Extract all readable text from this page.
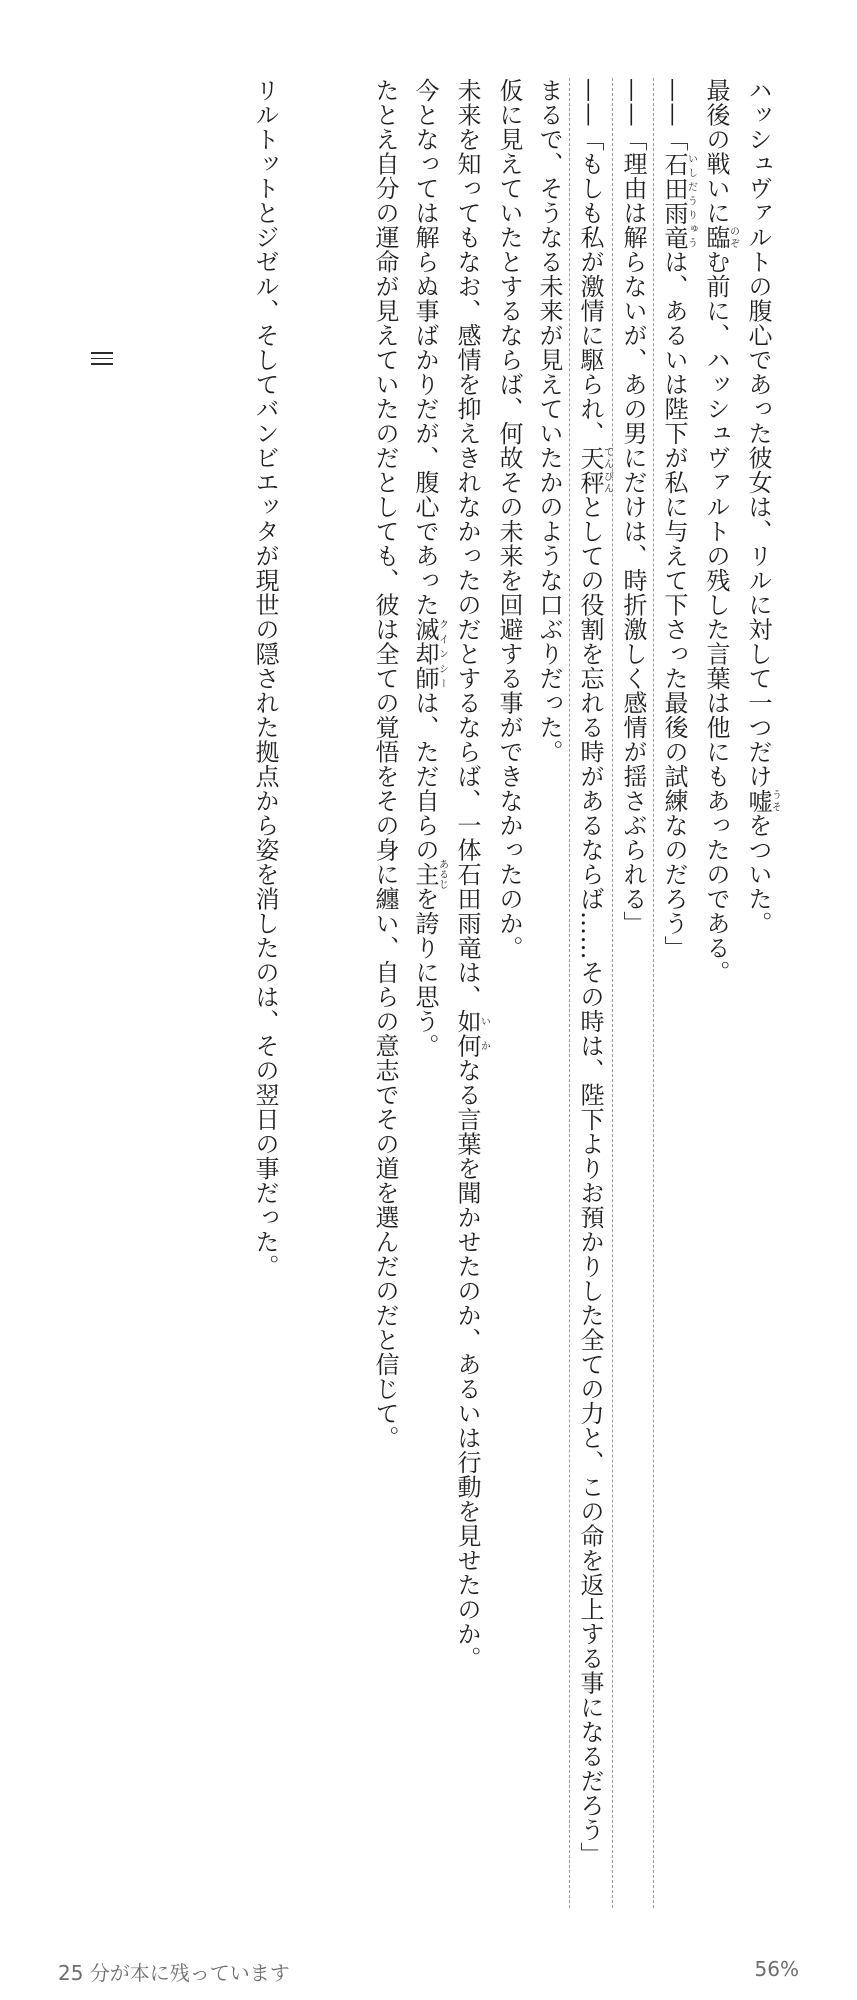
ハッシュヴァルトの腹心であった彼女は、リルに対して一つだけ嘘うそをついた。

最後の戦いに臨のぞむ前に、ハッシュヴァルトの残した言葉は他にもあったのである。

——「石田雨竜いしだうりゅうは、あるいは陛下が私に与えて下さった最後の試練なのだろう」

——「理由は解らないが、あの男にだけは、時折激しく感情が揺さぶられる」

——「もしも私が激情に駆られ、天秤てんびんとしての役割を忘れる時があるならば……その時は、陛下よりお預かりした全ての力と、この命を返上する事になるだろう」

まるで、そうなる未来が見えていたかのような口ぶりだった。

仮に見えていたとするならば、何故その未来を回避する事ができなかったのか。

未来を知ってもなお、感情を抑えきれなかったのだとするならば、一体石田雨竜は、如何いかなる言葉を聞かせたのか、あるいは行動を見せたのか。

今となっては解らぬ事ばかりだが、腹心であった滅却師クインシーは、ただ自らの主あるじを誇りに思う。

たとえ自分の運命が見えていたのだとしても、彼は全ての覚悟をその身に纏い、自らの意志でその道を選んだのだと信じて。

リルトットとジゼル、そしてバンビエッタが現世の隠された拠点から姿を消したのは、その翌日の事だった。

25 分が本に残っています	56%
